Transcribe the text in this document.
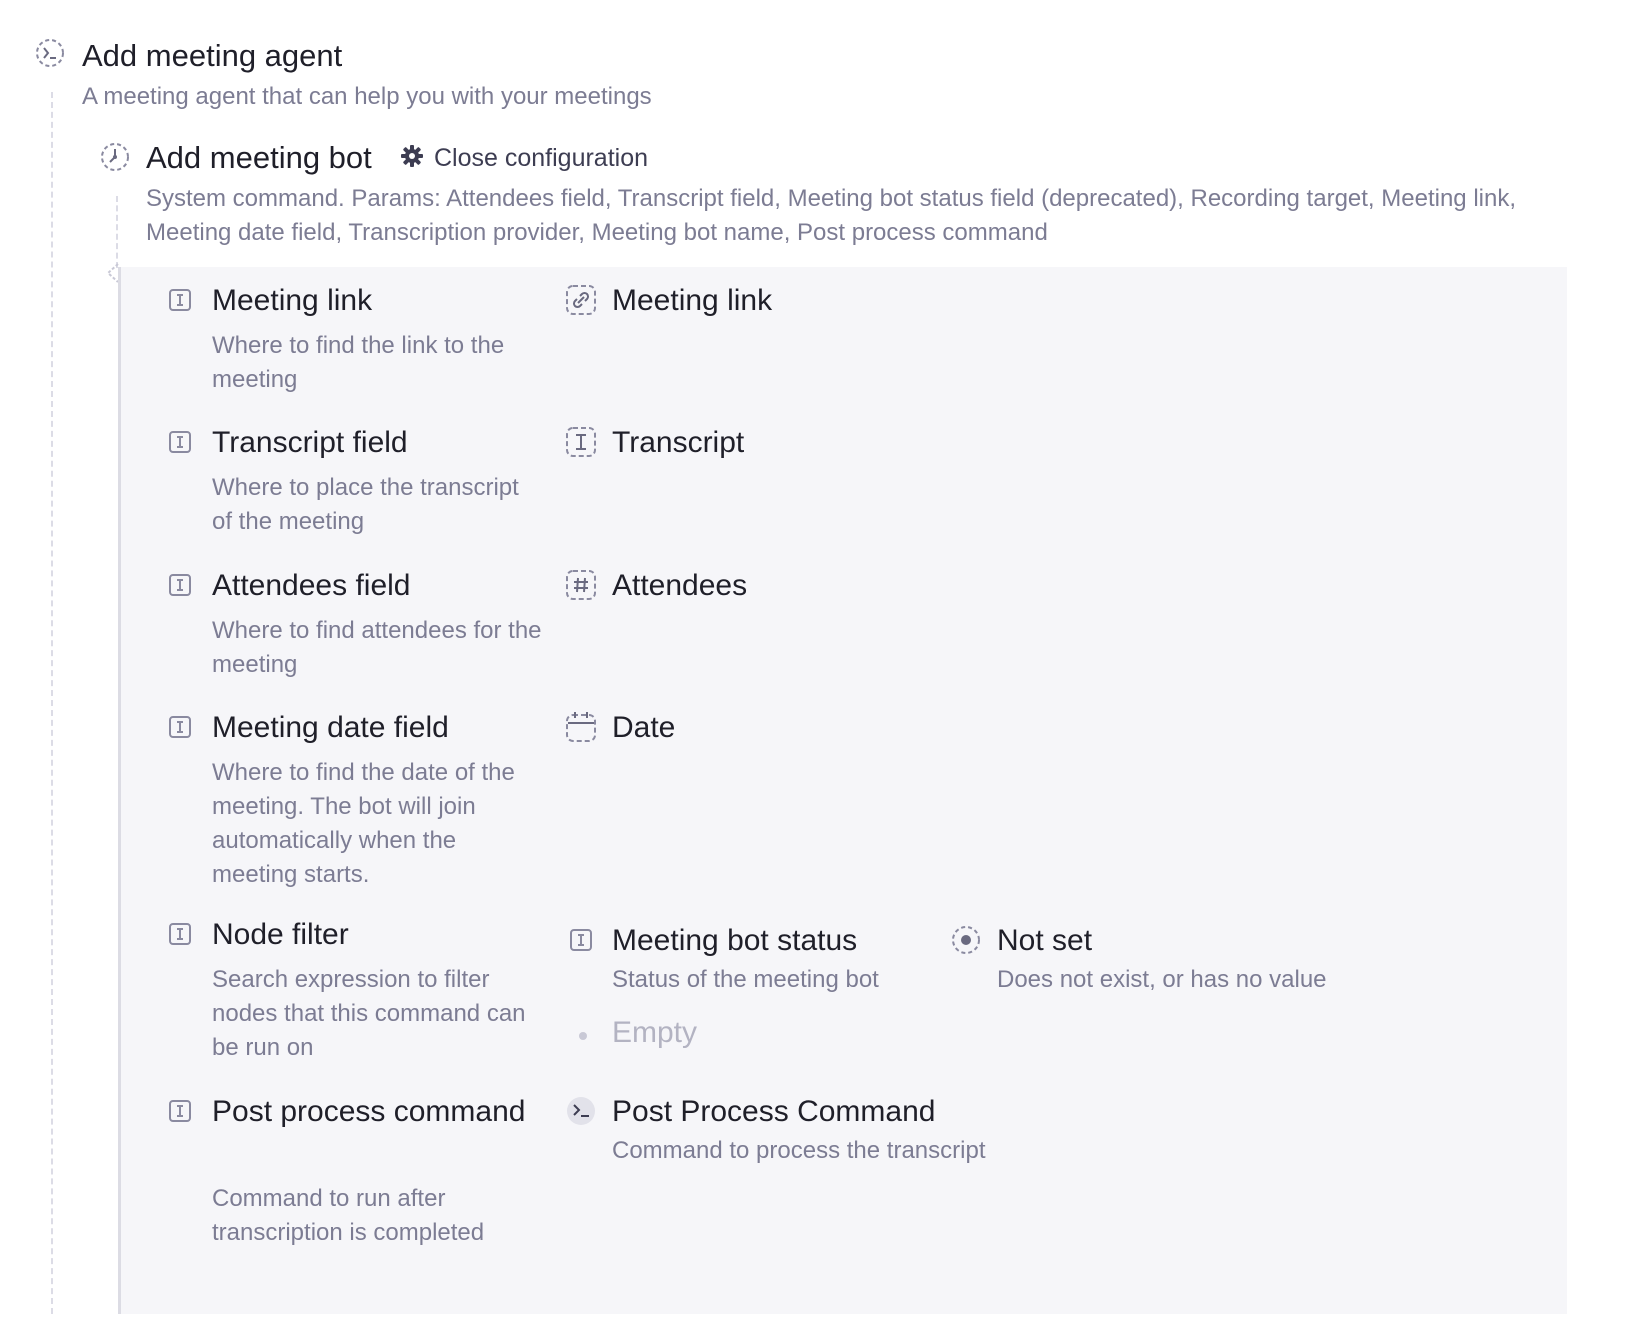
Add meeting agent
A meeting agent that can help you with your meetings
Add meeting bot Close configuration
System command. Params: Attendees field, Transcript field, Meeting bot status field (deprecated), Recording target, Meeting link, Meeting date field, Transcription provider, Meeting bot name, Post process command
Meeting link
Where to find the link to the meeting
Meeting link
Transcript field
Where to place the transcript of the meeting
Transcript
Attendees field
Where to find attendees for the meeting
Attendees
Meeting date field
Where to find the date of the meeting. The bot will join automatically when the meeting starts.
Date
Node filter
Search expression to filter nodes that this command can be run on
Meeting bot status
Status of the meeting bot
Not set
Does not exist, or has no value
Empty
Post process command
Command to run after transcription is completed
Post Process Command
Command to process the transcript
